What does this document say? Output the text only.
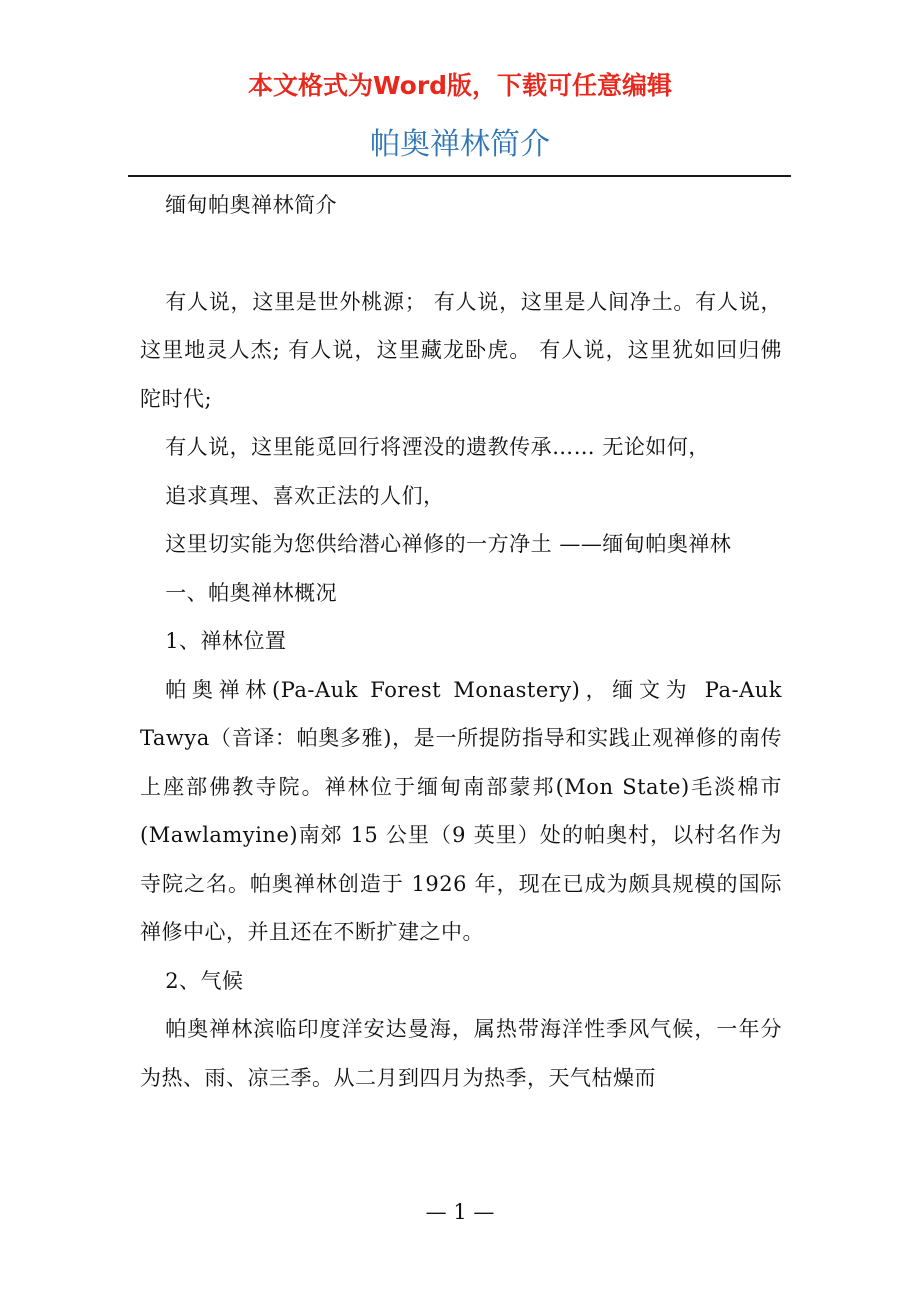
本文格式为Word版，下载可任意编辑
帕奥禅林简介

缅甸帕奥禅林简介

有人说，这里是世外桃源； 有人说，这里是人间净土。有人说，这里地灵人杰; 有人说，这里藏龙卧虎。 有人说，这里犹如回归佛陀时代;

有人说，这里能觅回行将湮没的遗教传承…… 无论如何，

追求真理、喜欢正法的人们，

这里切实能为您供给潜心禅修的一方净土 ——缅甸帕奥禅林

一、帕奥禅林概况

1、禅林位置

帕奥禅林(Pa-Auk Forest Monastery)，缅文为 Pa-Auk Tawya（音译：帕奥多雅)，是一所提防指导和实践止观禅修的南传上座部佛教寺院。禅林位于缅甸南部蒙邦(Mon State)毛淡棉市(Mawlamyine)南郊 15 公里（9 英里）处的帕奥村，以村名作为寺院之名。帕奥禅林创造于 1926 年，现在已成为颇具规模的国际禅修中心，并且还在不断扩建之中。

2、气候

帕奥禅林滨临印度洋安达曼海，属热带海洋性季风气候，一年分为热、雨、凉三季。从二月到四月为热季，天气枯燥而

— 1 —
